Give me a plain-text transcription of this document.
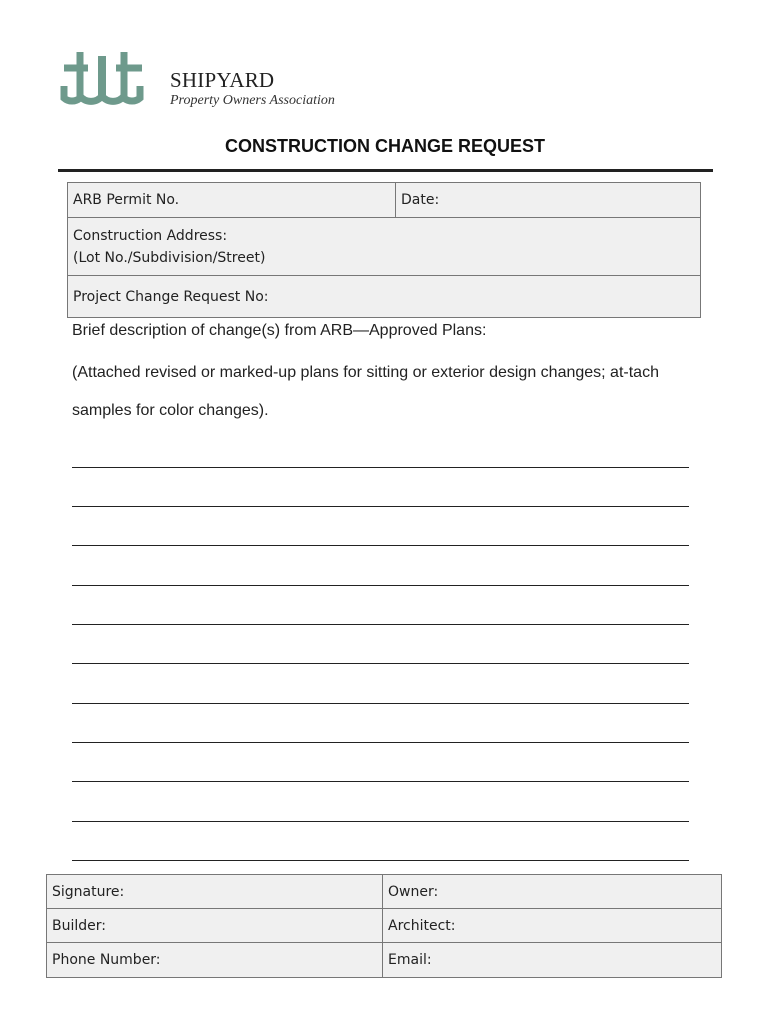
SHIPYARD
Property Owners Association
CONSTRUCTION CHANGE REQUEST
ARB Permit No.	Date:
Construction Address:
(Lot No./Subdivision/Street)

Project Change Request No:
Brief description of change(s) from ARB—Approved Plans:
(Attached revised or marked-up plans for sitting or exterior design changes; at-tach samples for color changes).
Signature:	Owner:
Builder:	Architect:
Phone Number:	Email:
